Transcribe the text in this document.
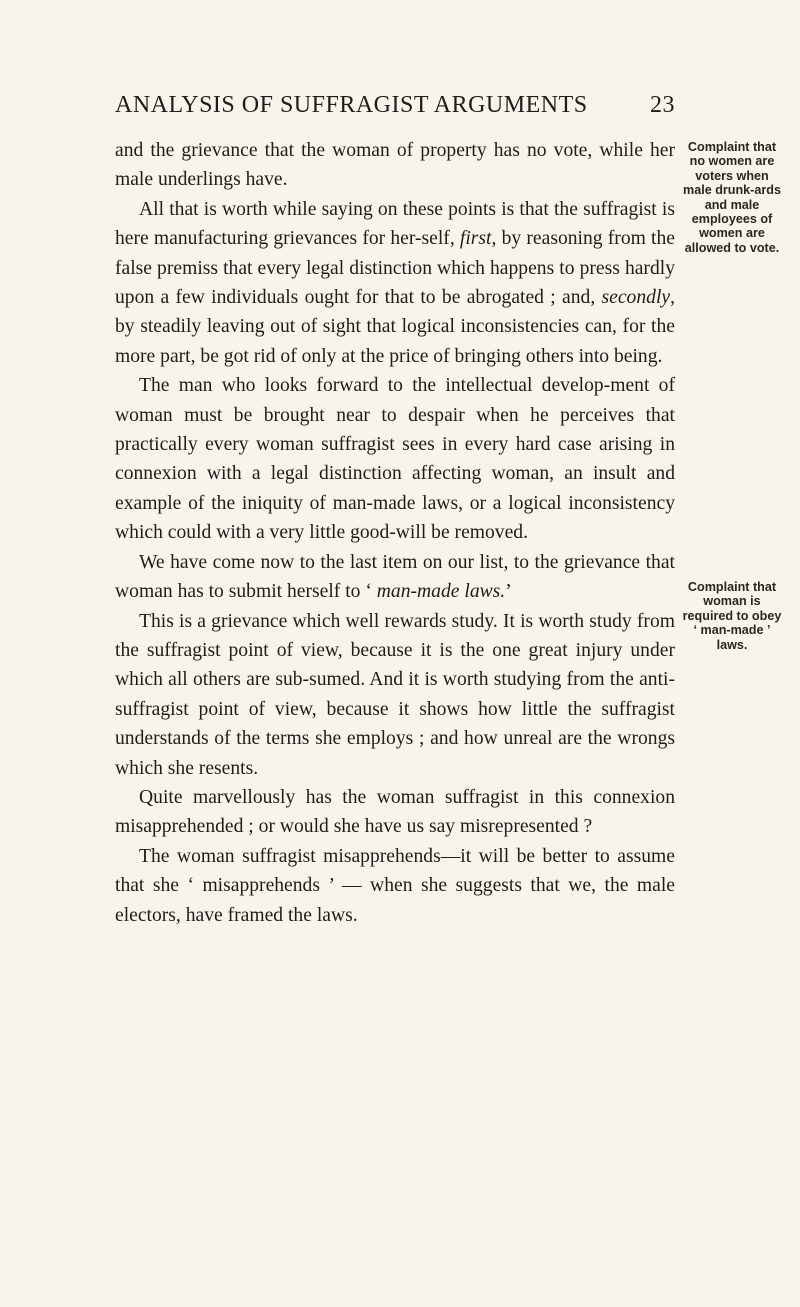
ANALYSIS OF SUFFRAGIST ARGUMENTS	23

and the grievance that the woman of property has no vote, while her male underlings have.

All that is worth while saying on these points is that the suffragist is here manufacturing grievances for her-self, first, by reasoning from the false premiss that every legal distinction which happens to press hardly upon a few individuals ought for that to be abrogated ; and, secondly, by steadily leaving out of sight that logical inconsistencies can, for the more part, be got rid of only at the price of bringing others into being.

The man who looks forward to the intellectual develop-ment of woman must be brought near to despair when he perceives that practically every woman suffragist sees in every hard case arising in connexion with a legal distinction affecting woman, an insult and example of the iniquity of man-made laws, or a logical inconsistency which could with a very little good-will be removed.

We have come now to the last item on our list, to the grievance that woman has to submit herself to ‘ man-made laws.’

This is a grievance which well rewards study. It is worth study from the suffragist point of view, because it is the one great injury under which all others are sub-sumed. And it is worth studying from the anti-suffragist point of view, because it shows how little the suffragist understands of the terms she employs ; and how unreal are the wrongs which she resents.

Quite marvellously has the woman suffragist in this connexion misapprehended ; or would she have us say misrepresented ?

The woman suffragist misapprehends—it will be better to assume that she ‘ misapprehends ’ — when she suggests that we, the male electors, have framed the laws.

Complaint that no women are voters when male drunk-ards and male employees of women are allowed to vote.
Complaint that woman is required to obey ‘ man-made ’ laws.
